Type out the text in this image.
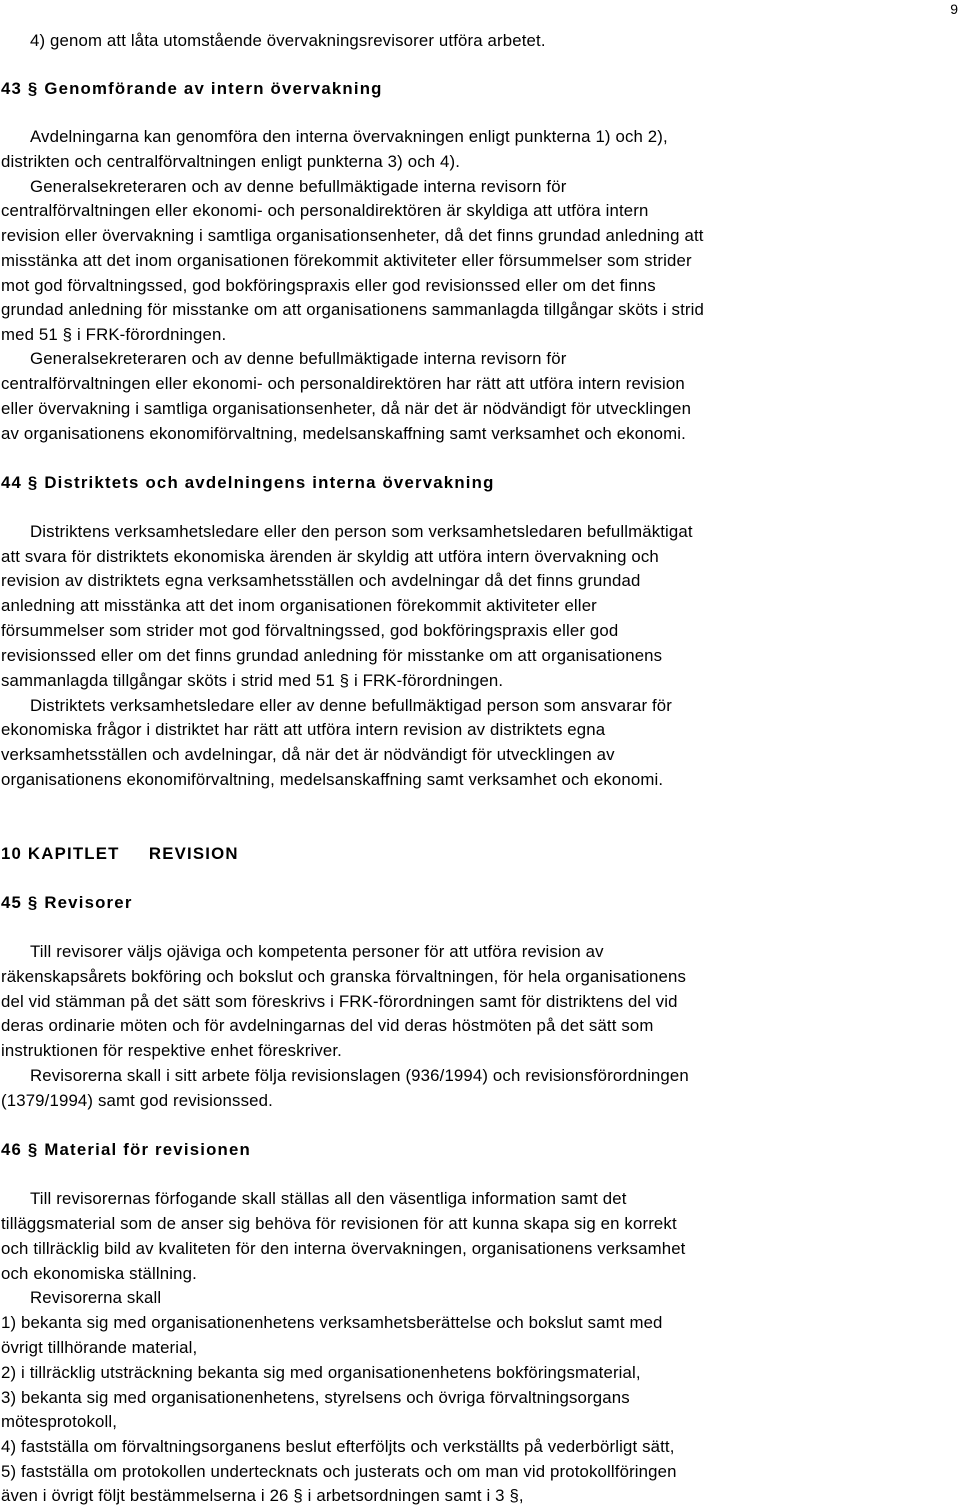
9

4) genom att låta utomstående övervakningsrevisorer utföra arbetet.

43 § Genomförande av intern övervakning

Avdelningarna kan genomföra den interna övervakningen enligt punkterna 1) och 2),

distrikten och centralförvaltningen enligt punkterna 3) och 4).

Generalsekreteraren och av denne befullmäktigade interna revisorn för

centralförvaltningen eller ekonomi- och personaldirektören är skyldiga att utföra intern

revision eller övervakning i samtliga organisationsenheter, då det finns grundad anledning att

misstänka att det inom organisationen förekommit aktiviteter eller försummelser som strider

mot god förvaltningssed, god bokföringspraxis eller god revisionssed eller om det finns

grundad anledning för misstanke om att organisationens sammanlagda tillgångar sköts i strid

med 51 § i FRK-förordningen.

Generalsekreteraren och av denne befullmäktigade interna revisorn för

centralförvaltningen eller ekonomi- och personaldirektören har rätt att utföra intern revision

eller övervakning i samtliga organisationsenheter, då när det är nödvändigt för utvecklingen

av organisationens ekonomiförvaltning, medelsanskaffning samt verksamhet och ekonomi.

44 § Distriktets och avdelningens interna övervakning

Distriktens verksamhetsledare eller den person som verksamhetsledaren befullmäktigat

att svara för distriktets ekonomiska ärenden är skyldig att utföra intern övervakning och

revision av distriktets egna verksamhetsställen och avdelningar då det finns grundad

anledning att misstänka att det inom organisationen förekommit aktiviteter eller

försummelser som strider mot god förvaltningssed, god bokföringspraxis eller god

revisionssed eller om det finns grundad anledning för misstanke om att organisationens

sammanlagda tillgångar sköts i strid med 51 § i FRK-förordningen.

Distriktets verksamhetsledare eller av denne befullmäktigad person som ansvarar för

ekonomiska frågor i distriktet har rätt att utföra intern revision av distriktets egna

verksamhetsställen och avdelningar, då när det är nödvändigt för utvecklingen av

organisationens ekonomiförvaltning, medelsanskaffning samt verksamhet och ekonomi.

10 KAPITLET     REVISION

45 § Revisorer

Till revisorer väljs ojäviga och kompetenta personer för att utföra revision av

räkenskapsårets bokföring och bokslut och granska förvaltningen, för hela organisationens

del vid stämman på det sätt som föreskrivs i FRK-förordningen samt för distriktens del vid

deras ordinarie möten och för avdelningarnas del vid deras höstmöten på det sätt som

instruktionen för respektive enhet föreskriver.

Revisorerna skall i sitt arbete följa revisionslagen (936/1994) och revisionsförordningen

(1379/1994) samt god revisionssed.

46 § Material för revisionen

Till revisorernas förfogande skall ställas all den väsentliga information samt det

tilläggsmaterial som de anser sig behöva för revisionen för att kunna skapa sig en korrekt

och tillräcklig bild av kvaliteten för den interna övervakningen, organisationens verksamhet

och ekonomiska ställning.

Revisorerna skall

1) bekanta sig med organisationenhetens verksamhetsberättelse och bokslut samt med

övrigt tillhörande material,

2) i tillräcklig utsträckning bekanta sig med organisationenhetens bokföringsmaterial,

3) bekanta sig med organisationenhetens, styrelsens och övriga förvaltningsorgans

mötesprotokoll,

4) fastställa om förvaltningsorganens beslut efterföljts och verkställts på vederbörligt sätt,

5) fastställa om protokollen undertecknats och justerats och om man vid protokollföringen

även i övrigt följt bestämmelserna i 26 § i arbetsordningen samt i 3 §,
